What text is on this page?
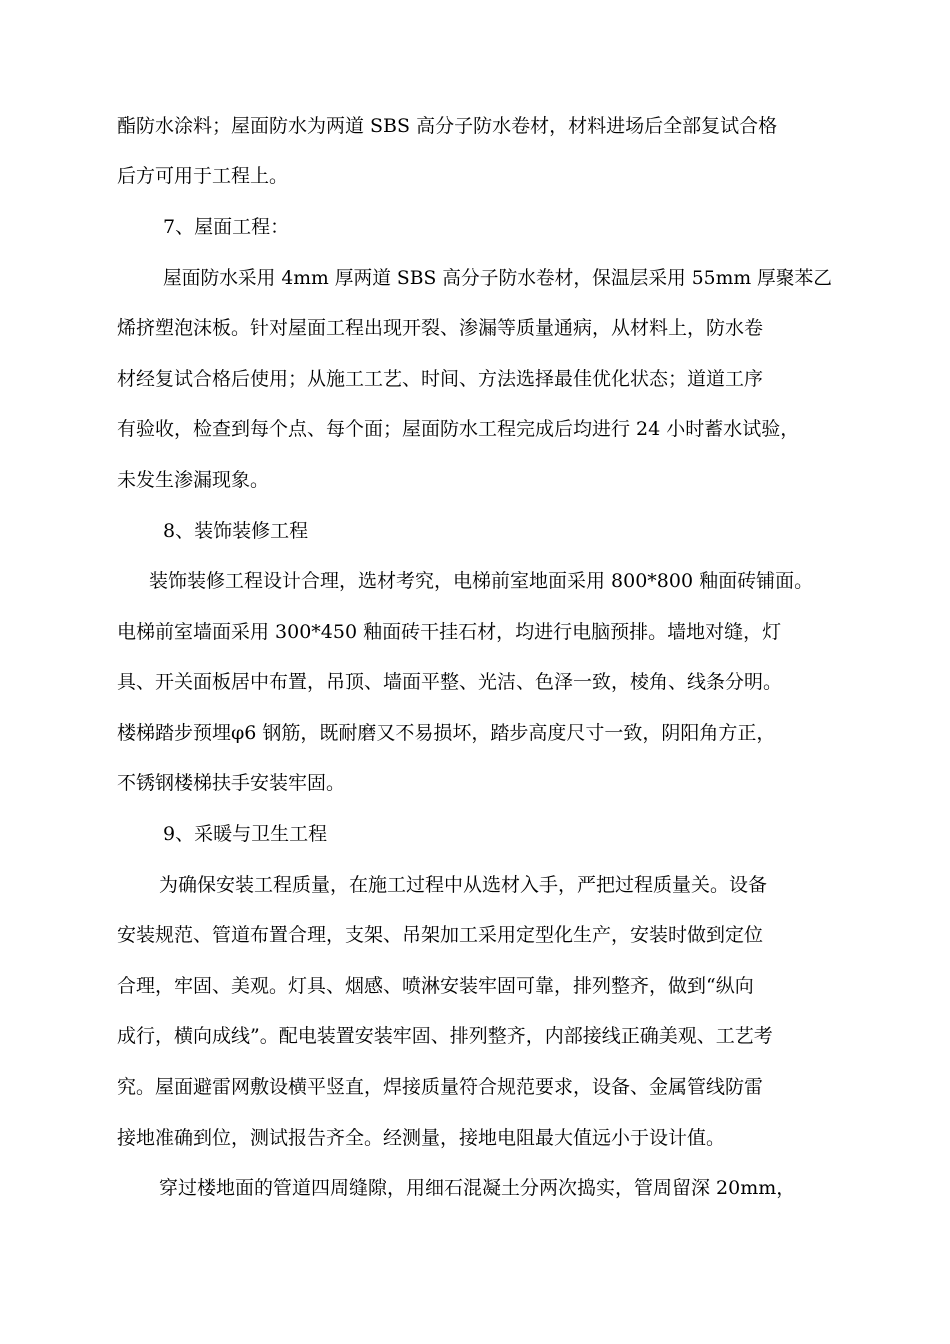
酯防水涂料；屋面防水为两道 SBS 高分子防水卷材，材料进场后全部复试合格
后方可用于工程上。
7、屋面工程：
屋面防水采用 4mm 厚两道 SBS 高分子防水卷材，保温层采用 55mm 厚聚苯乙
烯挤塑泡沫板。针对屋面工程出现开裂、渗漏等质量通病，从材料上，防水卷
材经复试合格后使用；从施工工艺、时间、方法选择最佳优化状态；道道工序
有验收，检查到每个点、每个面；屋面防水工程完成后均进行 24 小时蓄水试验，
未发生渗漏现象。
8、装饰装修工程
装饰装修工程设计合理，选材考究，电梯前室地面采用 800*800 釉面砖铺面。
电梯前室墙面采用 300*450 釉面砖干挂石材，均进行电脑预排。墙地对缝，灯
具、开关面板居中布置，吊顶、墙面平整、光洁、色泽一致，棱角、线条分明。
楼梯踏步预埋φ6 钢筋，既耐磨又不易损坏，踏步高度尺寸一致，阴阳角方正，
不锈钢楼梯扶手安装牢固。
9、采暖与卫生工程
为确保安装工程质量，在施工过程中从选材入手，严把过程质量关。设备
安装规范、管道布置合理，支架、吊架加工采用定型化生产，安装时做到定位
合理，牢固、美观。灯具、烟感、喷淋安装牢固可靠，排列整齐，做到“纵向
成行，横向成线”。配电装置安装牢固、排列整齐，内部接线正确美观、工艺考
究。屋面避雷网敷设横平竖直，焊接质量符合规范要求，设备、金属管线防雷
接地准确到位，测试报告齐全。经测量，接地电阻最大值远小于设计值。
穿过楼地面的管道四周缝隙，用细石混凝土分两次捣实，管周留深 20mm，
